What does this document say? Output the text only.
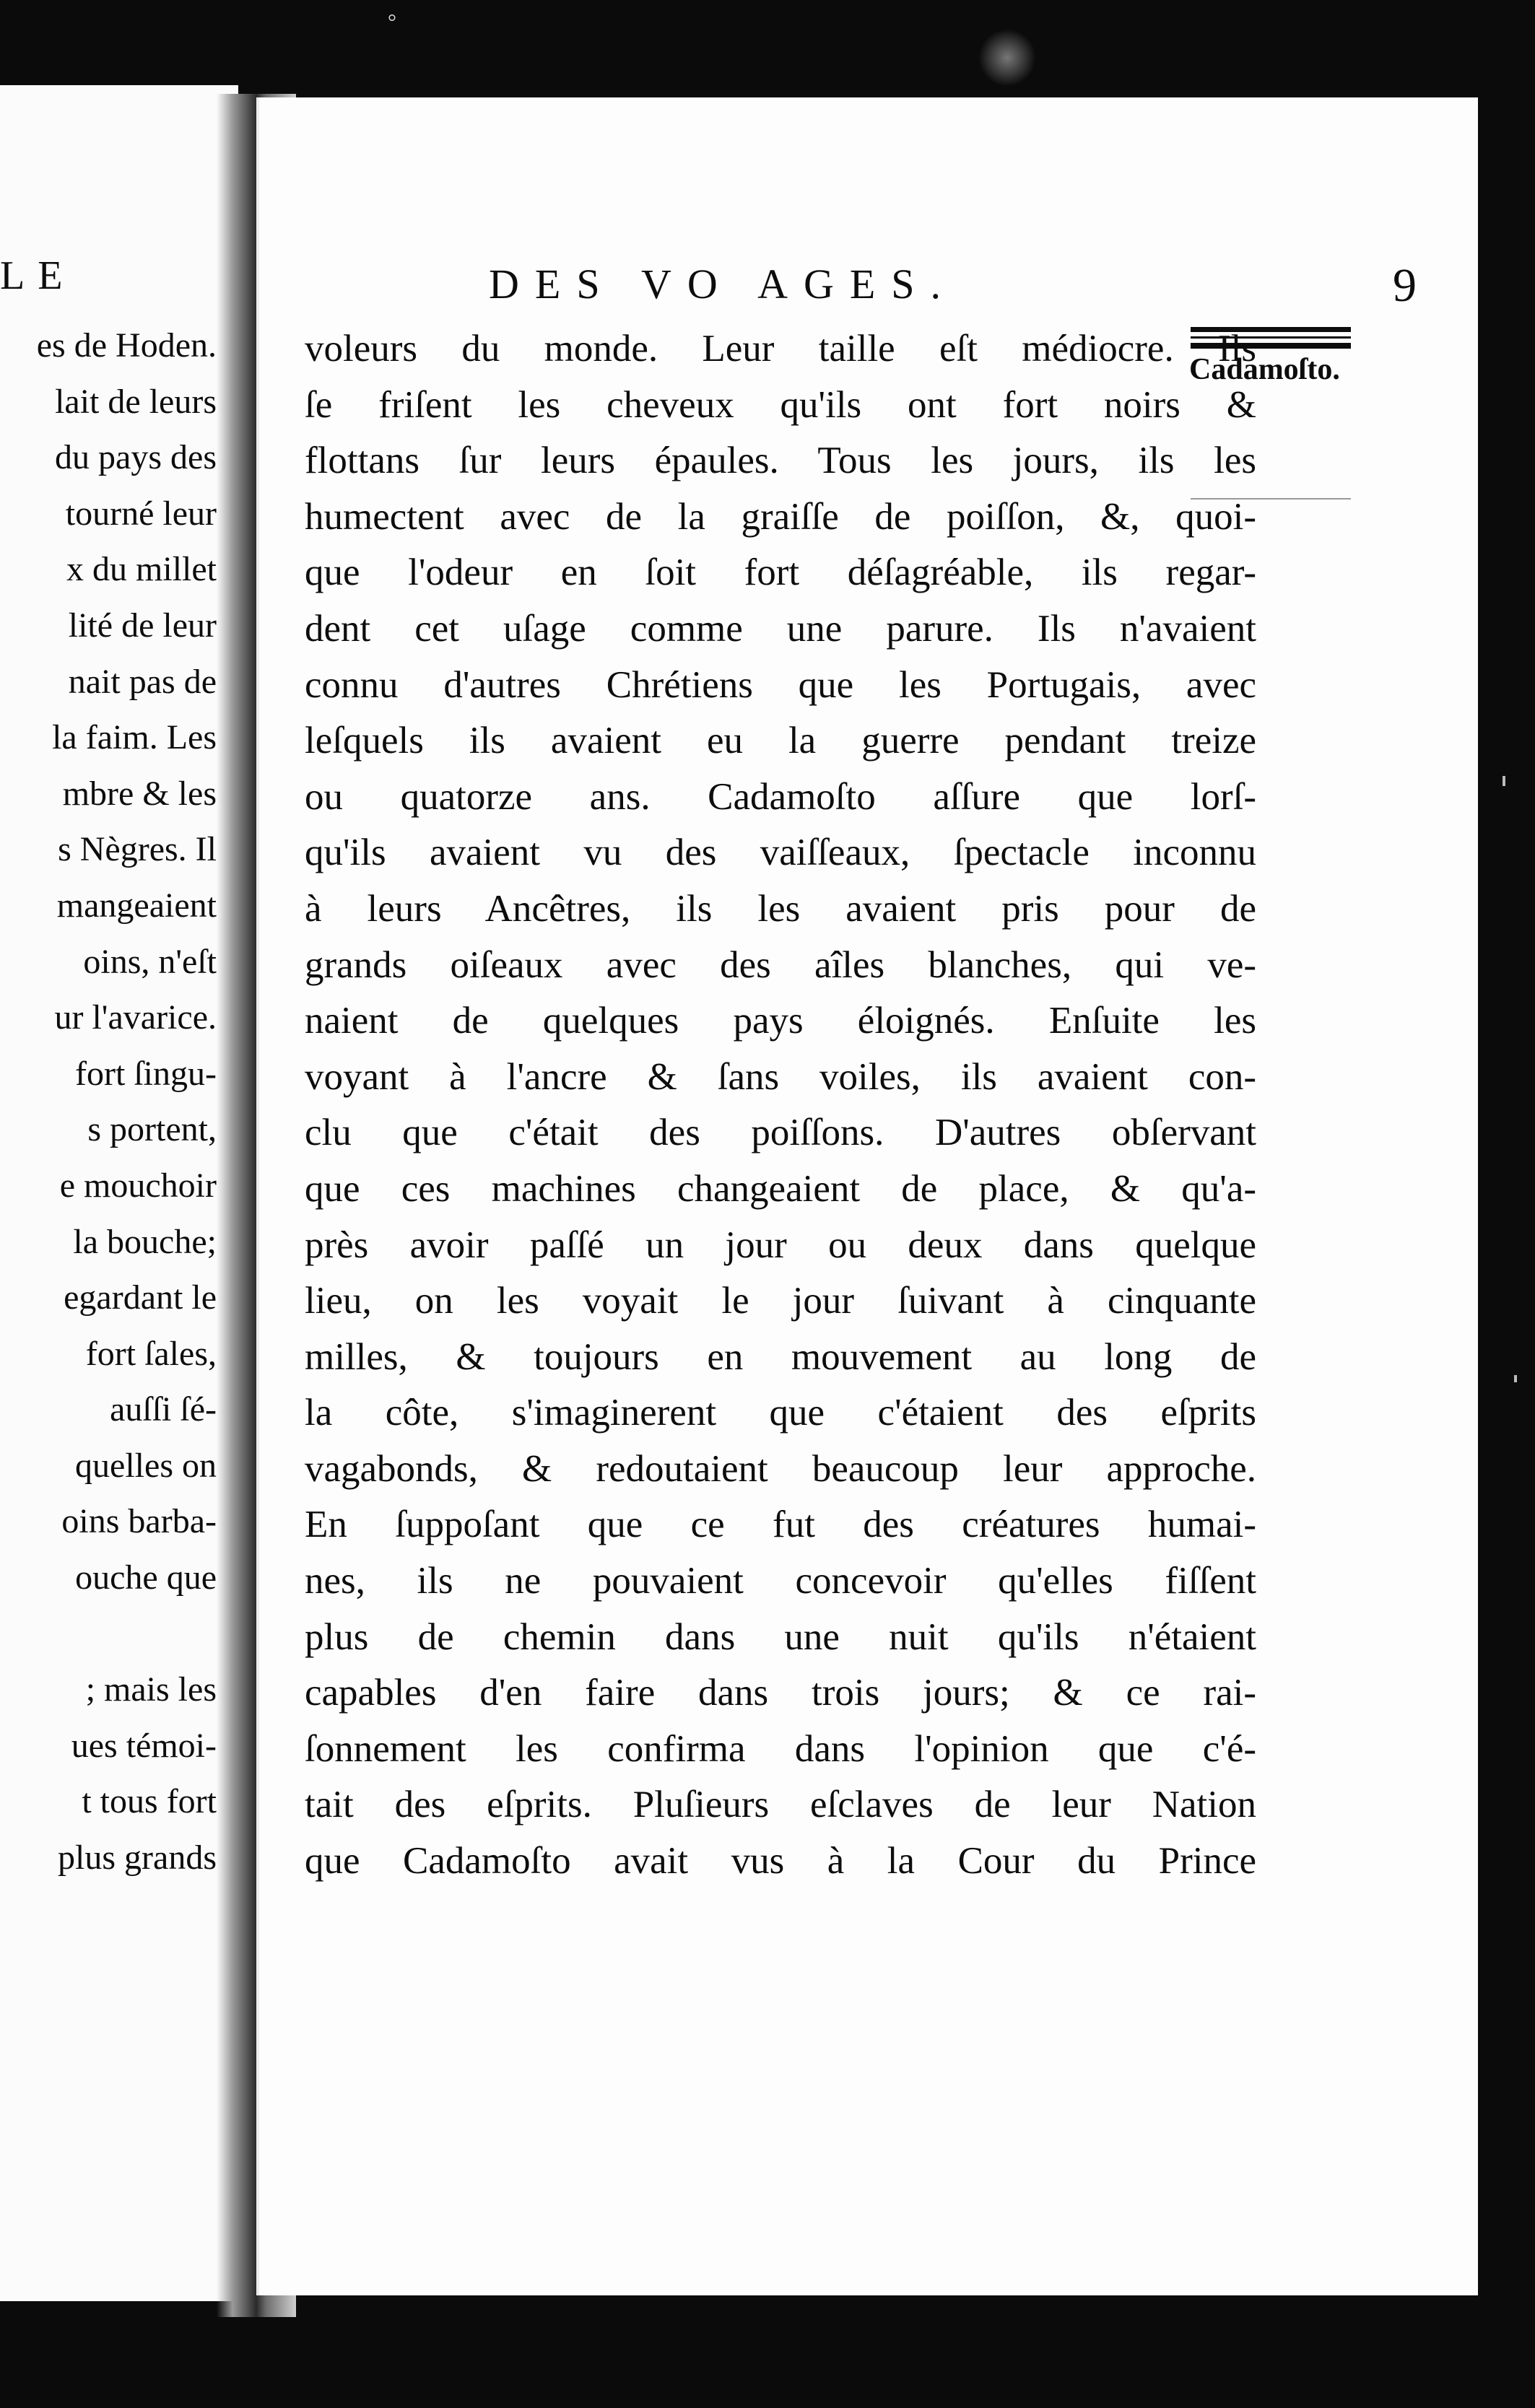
°
LE
es de Hoden.
lait de leurs
du pays des
tourné leur
x du millet
lité de leur
nait pas de
la faim. Les
mbre & les
s Nègres. Il
mangeaient
oins, n'eſt
ur l'avarice.
fort ſingu-
s portent,
e mouchoir
la bouche;
egardant le
fort ſales,
auſſi ſé-
quelles on
oins barba-
ouche que
; mais les
ues témoi-
t tous fort
plus grands
DES VO AGES.	9
Cadamoſto.
voleurs du monde. Leur taille eſt médiocre. Ils
ſe friſent les cheveux qu'ils ont fort noirs &
flottans ſur leurs épaules. Tous les jours, ils les
humectent avec de la graiſſe de poiſſon, &, quoi-
que l'odeur en ſoit fort déſagréable, ils regar-
dent cet uſage comme une parure. Ils n'avaient
connu d'autres Chrétiens que les Portugais, avec
leſquels ils avaient eu la guerre pendant treize
ou quatorze ans. Cadamoſto aſſure que lorſ-
qu'ils avaient vu des vaiſſeaux, ſpectacle inconnu
à leurs Ancêtres, ils les avaient pris pour de
grands oiſeaux avec des aîles blanches, qui ve-
naient de quelques pays éloignés. Enſuite les
voyant à l'ancre & ſans voiles, ils avaient con-
clu que c'était des poiſſons. D'autres obſervant
que ces machines changeaient de place, & qu'a-
près avoir paſſé un jour ou deux dans quelque
lieu, on les voyait le jour ſuivant à cinquante
milles, & toujours en mouvement au long de
la côte, s'imaginerent que c'étaient des eſprits
vagabonds, & redoutaient beaucoup leur approche.
En ſuppoſant que ce fut des créatures humai-
nes, ils ne pouvaient concevoir qu'elles fiſſent
plus de chemin dans une nuit qu'ils n'étaient
capables d'en faire dans trois jours; & ce rai-
ſonnement les confirma dans l'opinion que c'é-
tait des eſprits. Pluſieurs eſclaves de leur Nation
que Cadamoſto avait vus à la Cour du Prince
